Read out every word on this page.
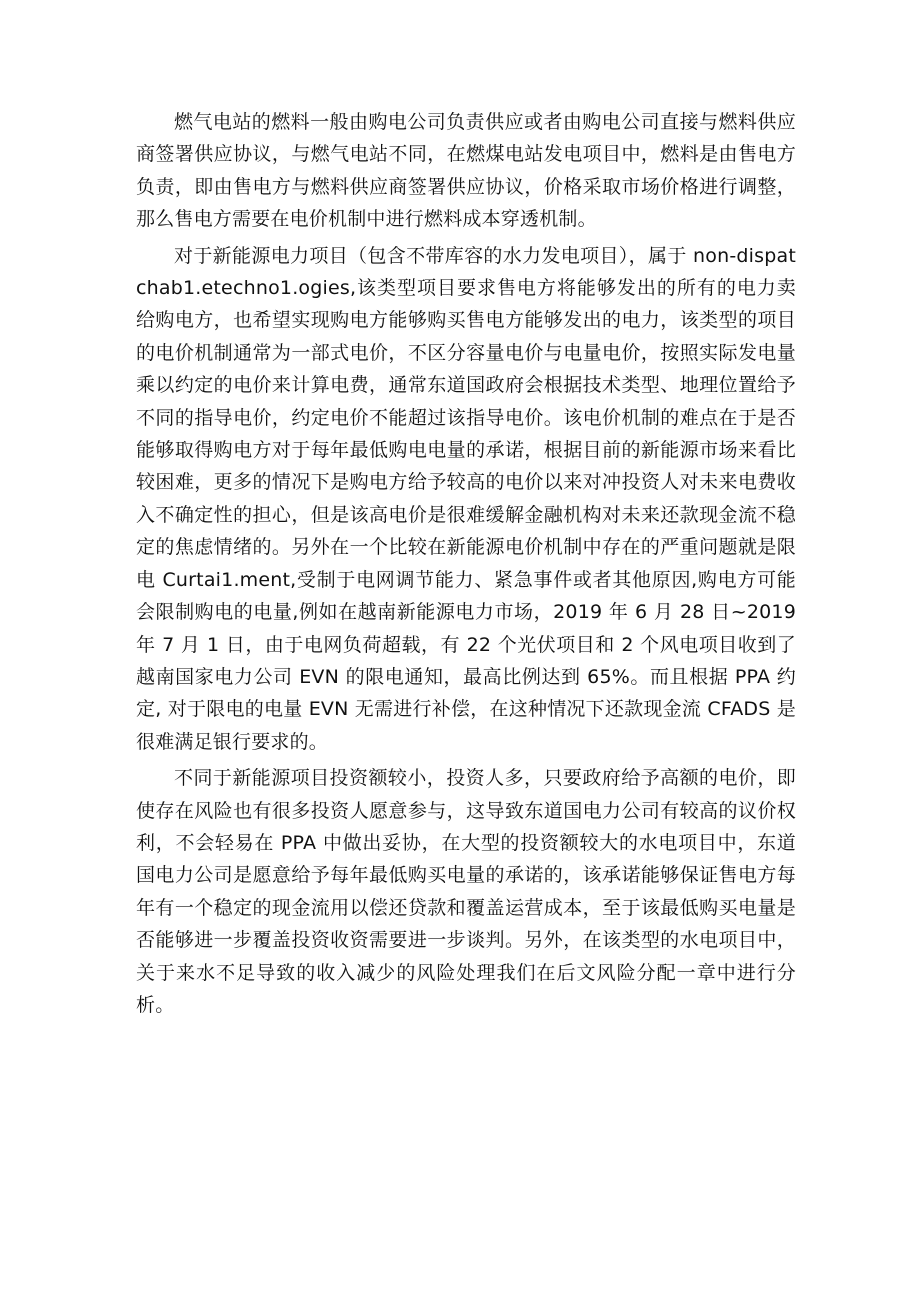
燃气电站的燃料一般由购电公司负责供应或者由购电公司直接与燃料供应商签署供应协议，与燃气电站不同，在燃煤电站发电项目中，燃料是由售电方负责，即由售电方与燃料供应商签署供应协议，价格采取市场价格进行调整，那么售电方需要在电价机制中进行燃料成本穿透机制。

对于新能源电力项目（包含不带库容的水力发电项目），属于 non-dispatchab1.etechno1.ogies,该类型项目要求售电方将能够发出的所有的电力卖给购电方，也希望实现购电方能够购买售电方能够发出的电力，该类型的项目的电价机制通常为一部式电价，不区分容量电价与电量电价，按照实际发电量乘以约定的电价来计算电费，通常东道国政府会根据技术类型、地理位置给予不同的指导电价，约定电价不能超过该指导电价。该电价机制的难点在于是否能够取得购电方对于每年最低购电电量的承诺，根据目前的新能源市场来看比较困难，更多的情况下是购电方给予较高的电价以来对冲投资人对未来电费收入不确定性的担心，但是该高电价是很难缓解金融机构对未来还款现金流不稳定的焦虑情绪的。另外在一个比较在新能源电价机制中存在的严重问题就是限电 Curtai1.ment,受制于电网调节能力、紧急事件或者其他原因,购电方可能会限制购电的电量,例如在越南新能源电力市场，2019 年 6 月 28 日~2019 年 7 月 1 日，由于电网负荷超载，有 22 个光伏项目和 2 个风电项目收到了越南国家电力公司 EVN 的限电通知，最高比例达到 65%。而且根据 PPA 约定, 对于限电的电量 EVN 无需进行补偿，在这种情况下还款现金流 CFADS 是很难满足银行要求的。

不同于新能源项目投资额较小，投资人多，只要政府给予高额的电价，即使存在风险也有很多投资人愿意参与，这导致东道国电力公司有较高的议价权利，不会轻易在 PPA 中做出妥协，在大型的投资额较大的水电项目中，东道国电力公司是愿意给予每年最低购买电量的承诺的，该承诺能够保证售电方每年有一个稳定的现金流用以偿还贷款和覆盖运营成本，至于该最低购买电量是否能够进一步覆盖投资收资需要进一步谈判。另外，在该类型的水电项目中，关于来水不足导致的收入减少的风险处理我们在后文风险分配一章中进行分析。
